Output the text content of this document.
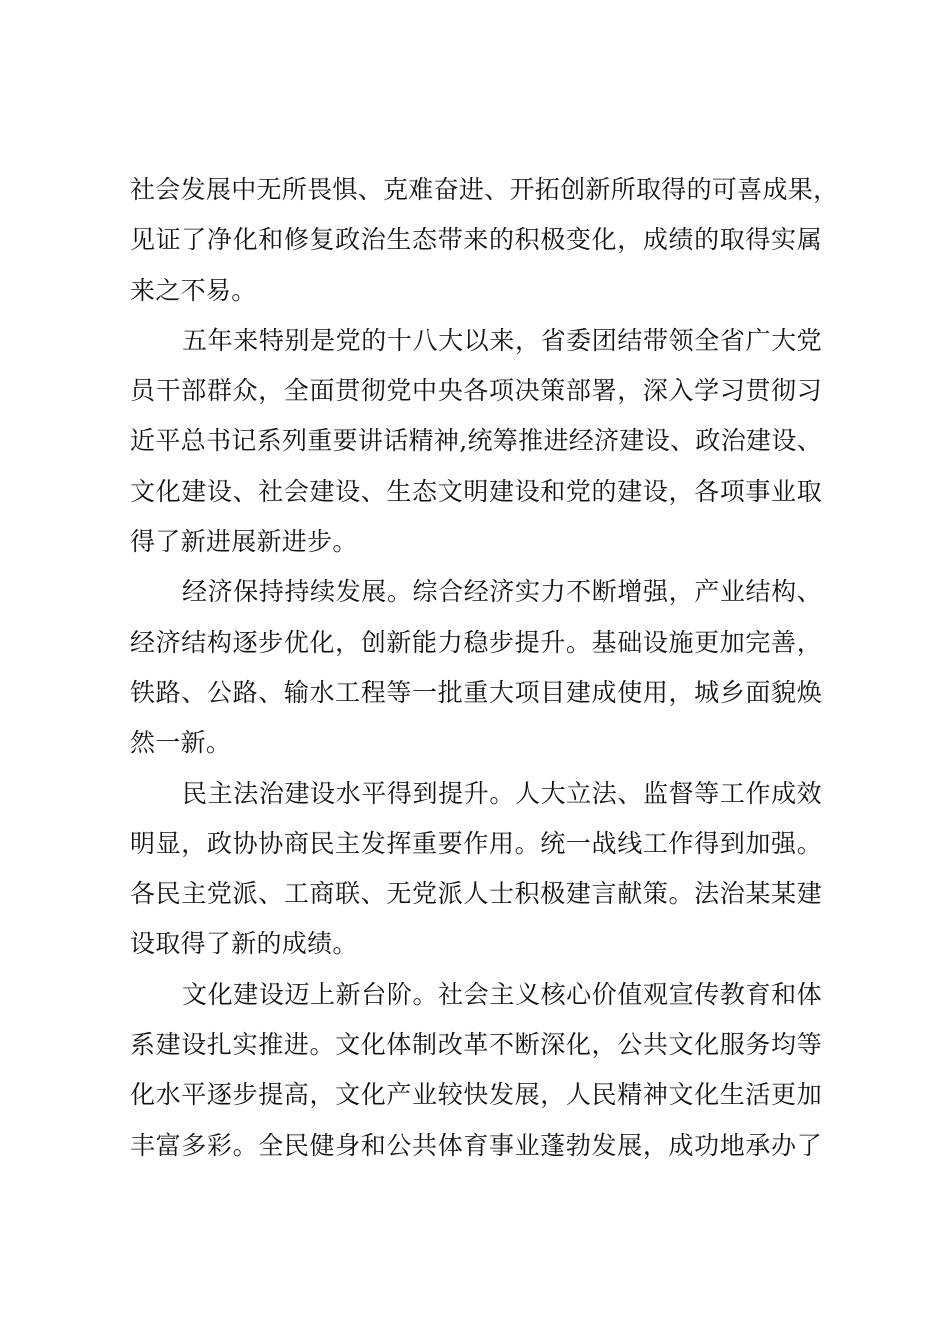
社会发展中无所畏惧、克难奋进、开拓创新所取得的可喜成果，
见证了净化和修复政治生态带来的积极变化，成绩的取得实属
来之不易。
五年来特别是党的十八大以来，省委团结带领全省广大党
员干部群众，全面贯彻党中央各项决策部署，深入学习贯彻习
近平总书记系列重要讲话精神,统筹推进经济建设、政治建设、
文化建设、社会建设、生态文明建设和党的建设，各项事业取
得了新进展新进步。
经济保持持续发展。综合经济实力不断增强，产业结构、
经济结构逐步优化，创新能力稳步提升。基础设施更加完善，
铁路、公路、输水工程等一批重大项目建成使用，城乡面貌焕
然一新。
民主法治建设水平得到提升。人大立法、监督等工作成效
明显，政协协商民主发挥重要作用。统一战线工作得到加强。
各民主党派、工商联、无党派人士积极建言献策。法治某某建
设取得了新的成绩。
文化建设迈上新台阶。社会主义核心价值观宣传教育和体
系建设扎实推进。文化体制改革不断深化，公共文化服务均等
化水平逐步提高，文化产业较快发展，人民精神文化生活更加
丰富多彩。全民健身和公共体育事业蓬勃发展，成功地承办了
